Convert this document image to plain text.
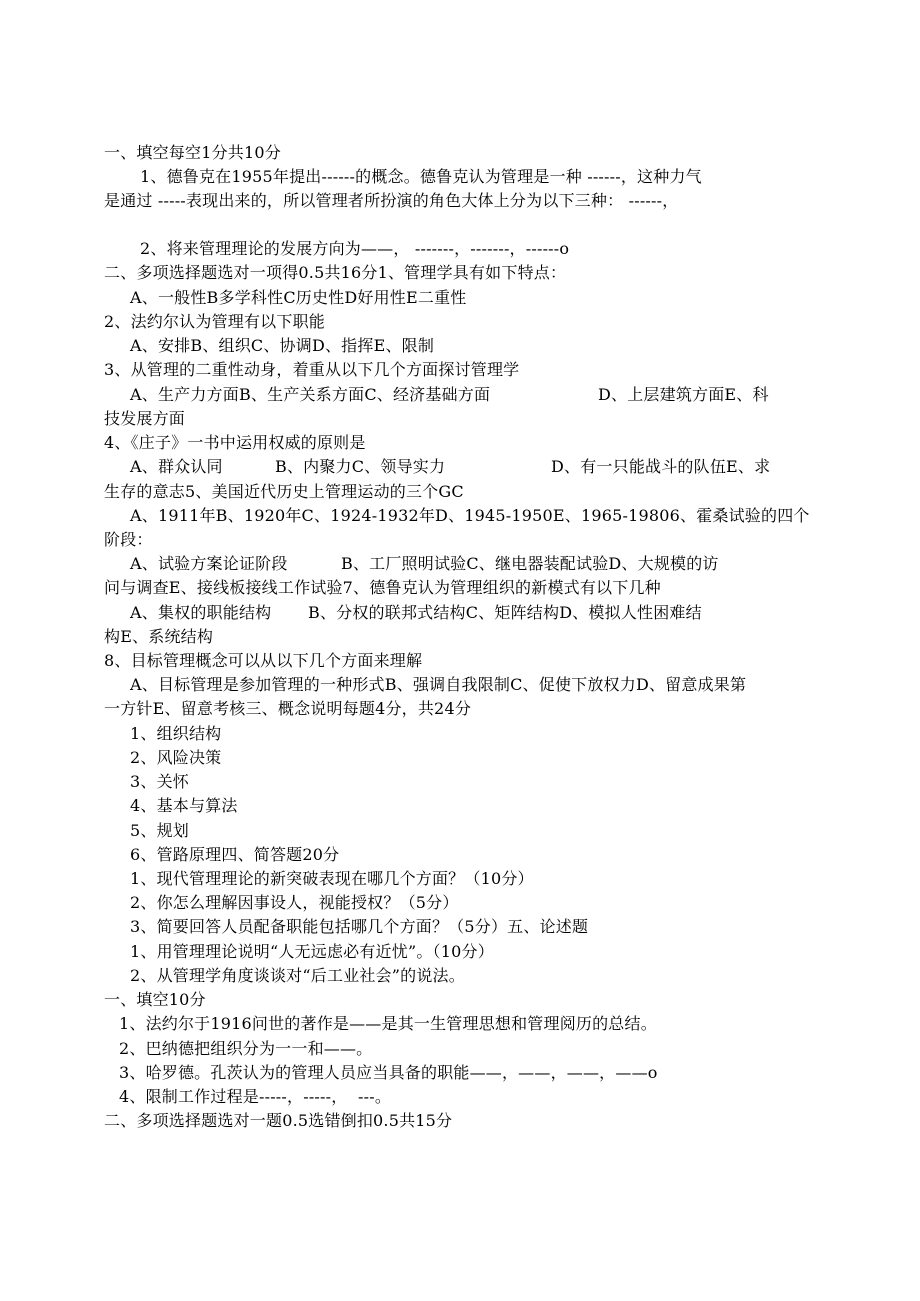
一、填空每空1分共10分
1、德鲁克在1955年提出------的概念。德鲁克认为管理是一种 ------，这种力气
是通过 -----表现出来的，所以管理者所扮演的角色大体上分为以下三种： ------，
2、将来管理理论的发展方向为——， -------，-------，------o
二、多项选择题选对一项得0.5共16分1、管理学具有如下特点：
A、一般性B多学科性C历史性D好用性E二重性
2、法约尔认为管理有以下职能
A、安排B、组织C、协调D、指挥E、限制
3、从管理的二重性动身，着重从以下几个方面探讨管理学
A、生产力方面B、生产关系方面C、经济基础方面	D、上层建筑方面E、科
技发展方面
4、《庄子》一书中运用权威的原则是
A、群众认同	B、内聚力C、领导实力	D、有一只能战斗的队伍E、求
生存的意志5、美国近代历史上管理运动的三个GC
A、1911年B、1920年C、1924-1932年D、1945-1950E、1965-19806、霍桑试验的四个
阶段：
A、试验方案论证阶段	B、工厂照明试验C、继电器装配试验D、大规模的访
问与调查E、接线板接线工作试验7、德鲁克认为管理组织的新模式有以下几种
A、集权的职能结构 B、分权的联邦式结构C、矩阵结构D、模拟人性困难结
构E、系统结构
8、目标管理概念可以从以下几个方面来理解
A、目标管理是参加管理的一种形式B、强调自我限制C、促使下放权力D、留意成果第
一方针E、留意考核三、概念说明每题4分，共24分
1、组织结构
2、风险决策
3、关怀
4、基本与算法
5、规划
6、管路原理四、简答题20分
1、现代管理理论的新突破表现在哪几个方面？（10分）
2、你怎么理解因事设人，视能授权？（5分）
3、简要回答人员配备职能包括哪几个方面？（5分）五、论述题
1、用管理理论说明“人无远虑必有近忧”。（10分）
2、从管理学角度谈谈对“后工业社会”的说法。
一、填空10分
1、法约尔于1916问世的著作是——是其一生管理思想和管理阅历的总结。
2、巴纳德把组织分为一一和——。
3、哈罗德。孔茨认为的管理人员应当具备的职能——，——，——，——o
4、限制工作过程是-----，-----，  ---。
二、多项选择题选对一题0.5选错倒扣0.5共15分
